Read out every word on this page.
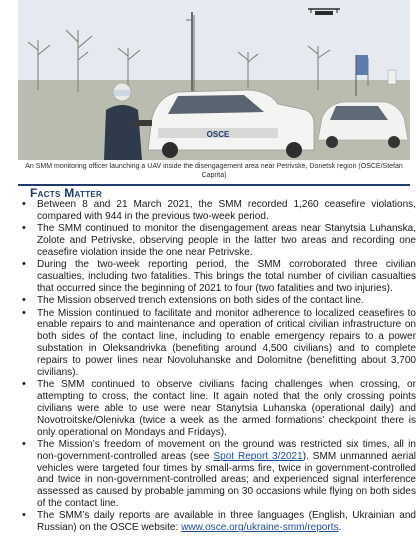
OSCE
An SMM monitoring officer launching a UAV inside the disengagement area near Petrivske, Donetsk region (OSCE/Stefan Caprita)
Facts Matter
• Between 8 and 21 March 2021, the SMM recorded 1,260 ceasefire violations, compared with 944 in the previous two-week period.
• The SMM continued to monitor the disengagement areas near Stanytsia Luhanska, Zolote and Petrivske, observing people in the latter two areas and recording one ceasefire violation inside the one near Petrivske.
• During the two-week reporting period, the SMM corroborated three civilian casualties, including two fatalities. This brings the total number of civilian casualties that occurred since the beginning of 2021 to four (two fatalities and two injuries).
• The Mission observed trench extensions on both sides of the contact line.
• The Mission continued to facilitate and monitor adherence to localized ceasefires to enable repairs to and maintenance and operation of critical civilian infrastructure on both sides of the contact line, including to enable emergency repairs to a power substation in Oleksandrivka (benefiting around 4,500 civilians) and to complete repairs to power lines near Novoluhanske and Dolomitne (benefitting about 3,700 civilians).
• The SMM continued to observe civilians facing challenges when crossing, or attempting to cross, the contact line. It again noted that the only crossing points civilians were able to use were near Stanytsia Luhanska (operational daily) and Novotroitske/Olenivka (twice a week as the armed formations’ checkpoint there is only operational on Mondays and Fridays).
• The Mission’s freedom of movement on the ground was restricted six times, all in non-government-controlled areas (see Spot Report 3/2021). SMM unmanned aerial vehicles were targeted four times by small-arms fire, twice in government-controlled and twice in non-government-controlled areas; and experienced signal interference assessed as caused by probable jamming on 30 occasions while flying on both sides of the contact line.
• The SMM’s daily reports are available in three languages (English, Ukrainian and Russian) on the OSCE website: www.osce.org/ukraine-smm/reports.
